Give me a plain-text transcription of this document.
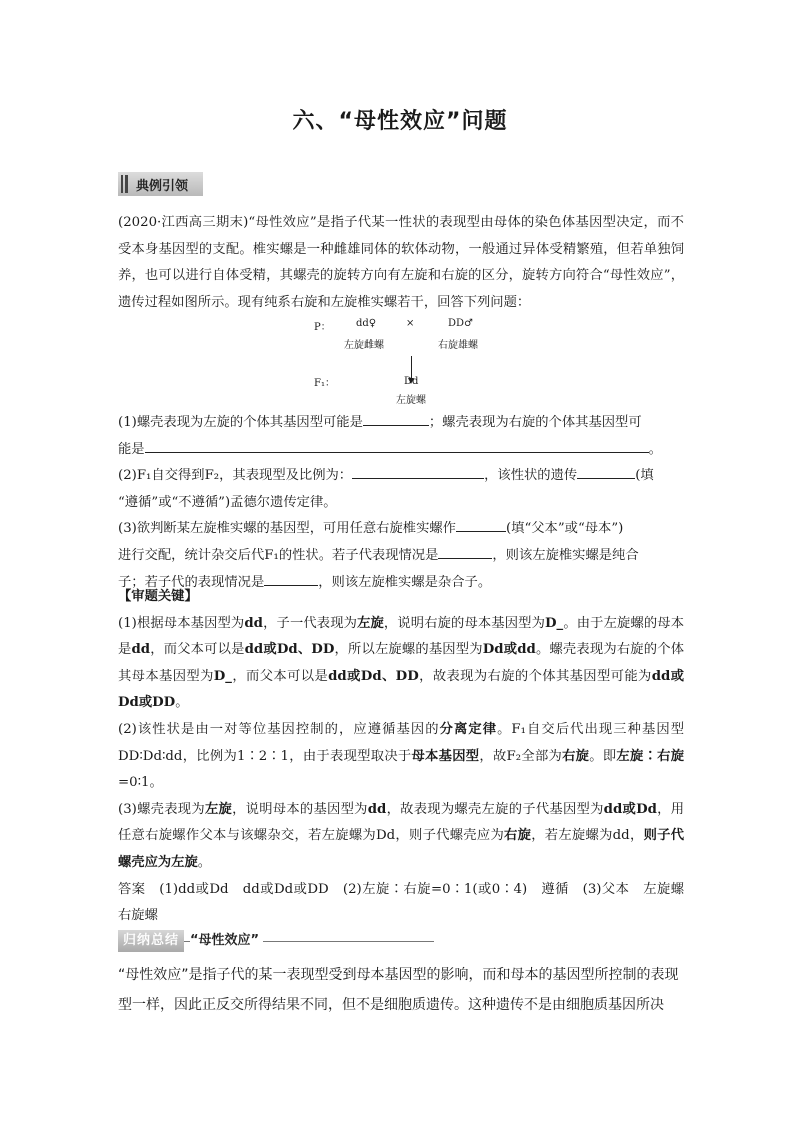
六、“母性效应”问题
典例引领

(2020·江西高三期末)“母性效应”是指子代某一性状的表现型由母体的染色体基因型决定，而不受本身基因型的支配。椎实螺是一种雌雄同体的软体动物，一般通过异体受精繁殖，但若单独饲养，也可以进行自体受精，其螺壳的旋转方向有左旋和右旋的区分，旋转方向符合“母性效应”，遗传过程如图所示。现有纯系右旋和左旋椎实螺若干，回答下列问题：

P：	dd♀	×	DD♂
左旋雌螺	右旋雄螺
F₁：	Dd
左旋螺

(1)螺壳表现为左旋的个体其基因型可能是	；螺壳表现为右旋的个体其基因型可
能是	。

(2)F₁自交得到F₂，其表现型及比例为：	，该性状的遗传	(填
“遵循”或“不遵循”)孟德尔遗传定律。

(3)欲判断某左旋椎实螺的基因型，可用任意右旋椎实螺作	(填“父本”或“母本”)
进行交配，统计杂交后代F₁的性状。若子代表现情况是	，则该左旋椎实螺是纯合
子；若子代的表现情况是	，则该左旋椎实螺是杂合子。

【审题关键】

(1)根据母本基因型为dd，子一代表现为左旋，说明右旋的母本基因型为D_。由于左旋螺的母本是dd，而父本可以是dd或Dd、DD，所以左旋螺的基因型为Dd或dd。螺壳表现为右旋的个体其母本基因型为D_，而父本可以是dd或Dd、DD，故表现为右旋的个体其基因型可能为dd或Dd或DD。

(2)该性状是由一对等位基因控制的，应遵循基因的分离定律。F₁自交后代出现三种基因型DD∶Dd∶dd，比例为1∶2∶1，由于表现型取决于母本基因型，故F₂全部为右旋。即左旋∶右旋=0∶1。

(3)螺壳表现为左旋，说明母本的基因型为dd，故表现为螺壳左旋的子代基因型为dd或Dd，用任意右旋螺作父本与该螺杂交，若左旋螺为Dd，则子代螺壳应为右旋，若左旋螺为dd，则子代螺壳应为左旋。

答案　 (1)dd或Dd　dd或Dd或DD　(2)左旋∶右旋=0∶1(或0∶4)　遵循　(3)父本　左旋螺　右旋螺

归纳总结 “母性效应”
“母性效应”是指子代的某一表现型受到母本基因型的影响，而和母本的基因型所控制的表现型一样，因此正反交所得结果不同，但不是细胞质遗传。这种遗传不是由细胞质基因所决
